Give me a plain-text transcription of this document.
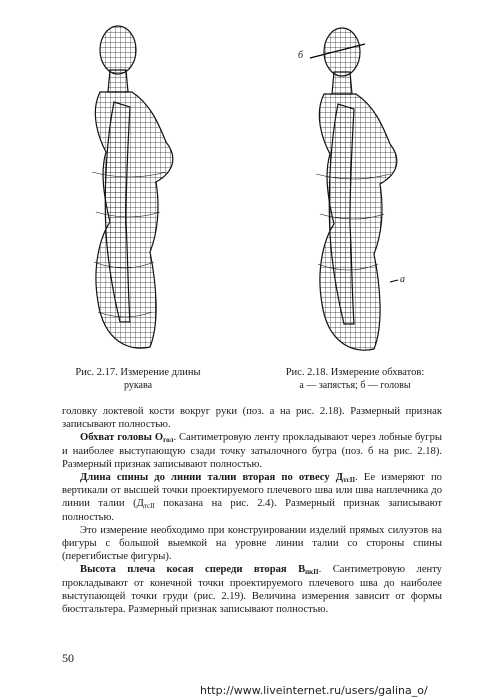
б
а
Рис. 2.17. Измерение длины
рукава
Рис. 2.18. Измерение обхватов:
а — запястья; б — головы

головку локтевой кости вокруг руки (поз. а на рис. 2.18). Размерный признак записывают полностью.

Обхват головы $О_{гол}$. Сантиметровую ленту прокладывают через лобные бугры и наиболее выступающую сзади точку затылочного бугра (поз. б на рис. 2.18). Размерный признак записывают полностью.

Длина спины до линии талии вторая по отвесу $Д_{тсII}$. Ее измеряют по вертикали от высшей точки проектируемого плечевого шва или шва наплечника до линии талии ($Д_{тсII}$ показана на рис. 2.4). Размерный признак записывают полностью.

Это измерение необходимо при конструировании изделий прямых силуэтов на фигуры с большой выемкой на уровне линии талии со стороны спины (перегибистые фигуры).

Высота плеча косая спереди вторая $В_{пкII}$. Сантиметровую ленту прокладывают от конечной точки проектируемого плечевого шва до наиболее выступающей точки груди (рис. 2.19). Величина измерения зависит от формы бюстгальтера. Размерный признак записывают полностью.

50
http://www.liveinternet.ru/users/galina_o/
